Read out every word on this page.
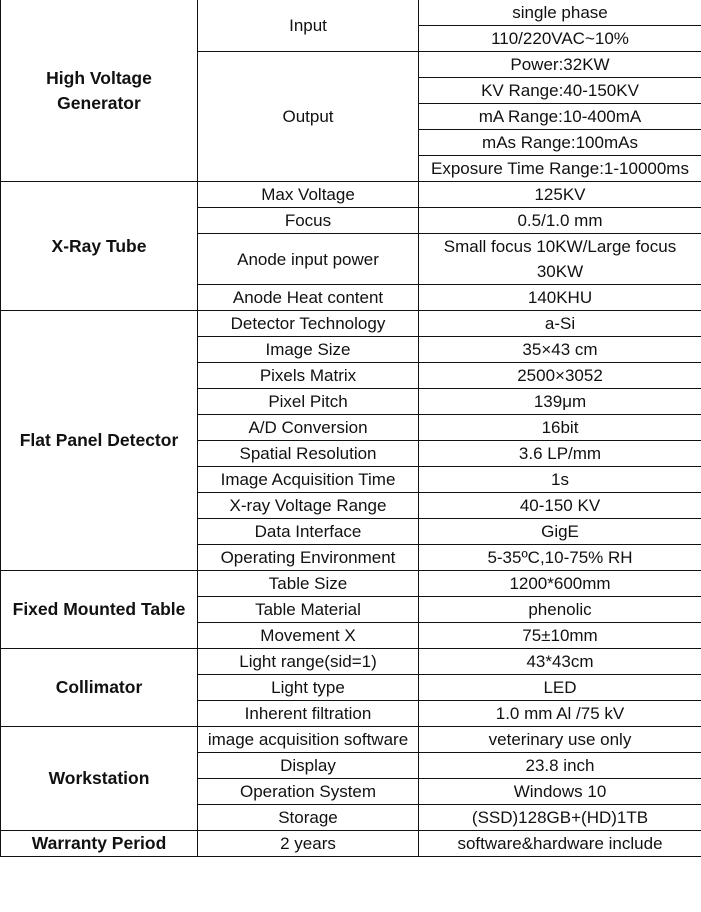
High Voltage Generator	Input	single phase
		110/220VAC~10%
	Output	Power:32KW
		KV Range:40-150KV
		mA Range:10-400mA
		mAs Range:100mAs
		Exposure Time Range:1-10000ms
X-Ray Tube	Max Voltage	125KV
	Focus	0.5/1.0 mm
	Anode input power	Small focus 10KW/Large focus 30KW
	Anode Heat content	140KHU
Flat Panel Detector	Detector Technology	a-Si
	Image Size	35×43 cm
	Pixels Matrix	2500×3052
	Pixel Pitch	139μm
	A/D Conversion	16bit
	Spatial Resolution	3.6 LP/mm
	Image Acquisition Time	1s
	X-ray Voltage Range	40-150 KV
	Data Interface	GigE
	Operating Environment	5-35ºC,10-75% RH
Fixed Mounted Table	Table Size	1200*600mm
	Table Material	phenolic
	Movement X	75±10mm
Collimator	Light range(sid=1)	43*43cm
	Light type	LED
	Inherent filtration	1.0 mm Al /75 kV
Workstation	image acquisition software	veterinary use only
	Display	23.8 inch
	Operation System	Windows 10
	Storage	(SSD)128GB+(HD)1TB
Warranty Period	2 years	software&hardware include
